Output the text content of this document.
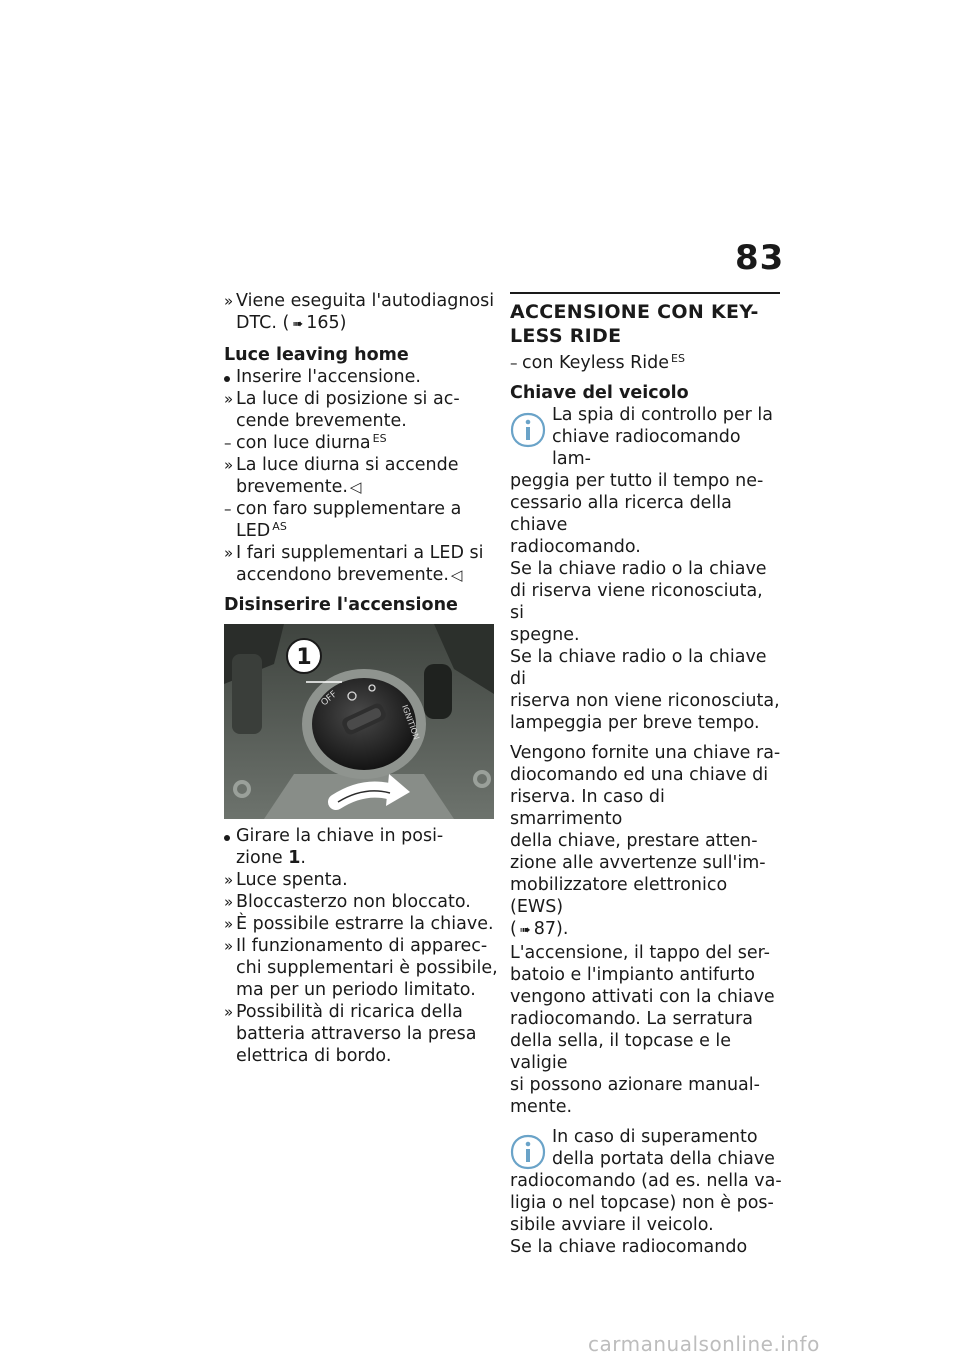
83
» Viene eseguita l'autodiagnosi
DTC. ( ➠ 165)
Luce leaving home
Inserire l'accensione.
» La luce di posizione si ac-
cende brevemente.
– con luce diurna$^{ES}$
» La luce diurna si accende
brevemente. ◁
– con faro supplementare a
LED $^{AS}$
» I fari supplementari a LED si
accendono brevemente. ◁
Disinserire l'accensione
OFF
IGNITION
1
Girare la chiave in posi-
zione 1.
» Luce spenta.
» Bloccasterzo non bloccato.
» È possibile estrarre la chiave.
» Il funzionamento di apparec-
chi supplementari è possibile,
ma per un periodo limitato.
» Possibilità di ricarica della
batteria attraverso la presa
elettrica di bordo.
ACCENSIONE CON KEY-
LESS RIDE
– con Keyless Ride$^{ES}$
Chiave del veicolo
La spia di controllo per la
chiave radiocomando lam-
peggia per tutto il tempo ne-
cessario alla ricerca della chiave
radiocomando.
Se la chiave radio o la chiave
di riserva viene riconosciuta, si
spegne.
Se la chiave radio o la chiave di
riserva non viene riconosciuta,
lampeggia per breve tempo.
Vengono fornite una chiave ra-
diocomando ed una chiave di
riserva. In caso di smarrimento
della chiave, prestare atten-
zione alle avvertenze sull'im-
mobilizzatore elettronico (EWS)
( ➠ 87).
L'accensione, il tappo del ser-
batoio e l'impianto antifurto
vengono attivati con la chiave
radiocomando. La serratura
della sella, il topcase e le valigie
si possono azionare manual-
mente.
In caso di superamento
della portata della chiave
radiocomando (ad es. nella va-
ligia o nel topcase) non è pos-
sibile avviare il veicolo.
Se la chiave radiocomando
carmanualsonline.info
